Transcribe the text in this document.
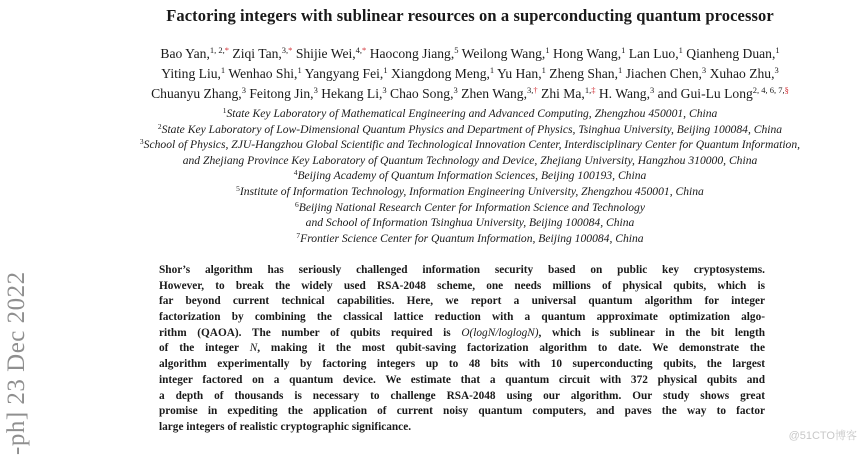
Factoring integers with sublinear resources on a superconducting quantum processor
Bao Yan,$^{1, 2,*}$ Ziqi Tan,$^{3,*}$ Shijie Wei,$^{4,*}$ Haocong Jiang,$^5$ Weilong Wang,$^1$ Hong Wang,$^1$ Lan Luo,$^1$ Qianheng Duan,$^1$
Yiting Liu,$^1$ Wenhao Shi,$^1$ Yangyang Fei,$^1$ Xiangdong Meng,$^1$ Yu Han,$^1$ Zheng Shan,$^1$ Jiachen Chen,$^3$ Xuhao Zhu,$^3$
Chuanyu Zhang,$^3$ Feitong Jin,$^3$ Hekang Li,$^3$ Chao Song,$^3$ Zhen Wang,$^{3,\dagger}$ Zhi Ma,$^{1,\ddagger}$ H. Wang,$^3$ and Gui-Lu Long$^{2, 4, 6, 7,\S}$
$^1$State Key Laboratory of Mathematical Engineering and Advanced Computing, Zhengzhou 450001, China
$^2$State Key Laboratory of Low-Dimensional Quantum Physics and Department of Physics, Tsinghua University, Beijing 100084, China
$^3$School of Physics, ZJU-Hangzhou Global Scientific and Technological Innovation Center, Interdisciplinary Center for Quantum Information,
and Zhejiang Province Key Laboratory of Quantum Technology and Device, Zhejiang University, Hangzhou 310000, China
$^4$Beijing Academy of Quantum Information Sciences, Beijing 100193, China
$^5$Institute of Information Technology, Information Engineering University, Zhengzhou 450001, China
$^6$Beijing National Research Center for Information Science and Technology
and School of Information Tsinghua University, Beijing 100084, China
$^7$Frontier Science Center for Quantum Information, Beijing 100084, China
Shor’s algorithm has seriously challenged information security based on public key cryptosystems.
However, to break the widely used RSA-2048 scheme, one needs millions of physical qubits, which is
far beyond current technical capabilities. Here, we report a universal quantum algorithm for integer
factorization by combining the classical lattice reduction with a quantum approximate optimization algo-
rithm (QAOA). The number of qubits required is O(logN/loglogN), which is sublinear in the bit length
of the integer N, making it the most qubit-saving factorization algorithm to date. We demonstrate the
algorithm experimentally by factoring integers up to 48 bits with 10 superconducting qubits, the largest
integer factored on a quantum device. We estimate that a quantum circuit with 372 physical qubits and
a depth of thousands is necessary to challenge RSA-2048 using our algorithm. Our study shows great
promise in expediting the application of current noisy quantum computers, and paves the way to factor
large integers of realistic cryptographic significance.
-ph] 23 Dec 2022	@51CTO博客
